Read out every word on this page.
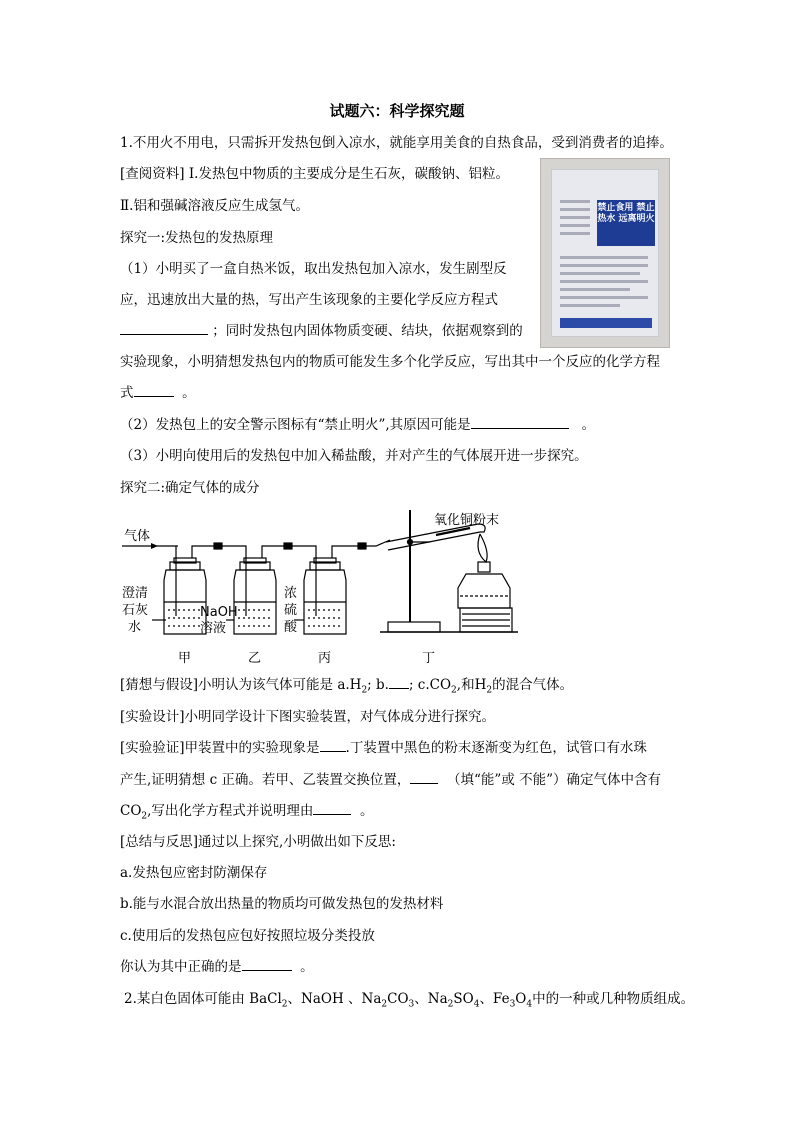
试题六：科学探究题
1.不用火不用电，只需拆开发热包倒入凉水，就能享用美食的自热食品，受到消费者的追捧。
[查阅资料] I.发热包中物质的主要成分是生石灰，碳酸钠、铝粒。
Ⅱ.铝和强碱溶液反应生成氢气。
探究一:发热包的发热原理
（1）小明买了一盒自热米饭，取出发热包加入凉水，发生剧型反
应，迅速放出大量的热，写出产生该现象的主要化学反应方程式
；同时发热包内固体物质变硬、结块，依据观察到的
实验现象，小明猜想发热包内的物质可能发生多个化学反应，写出其中一个反应的化学方程
式	。
（2）发热包上的安全警示图标有“禁止明火”,其原因可能是	。
（3）小明向使用后的发热包中加入稀盐酸，并对产生的气体展开进一步探究。
探究二:确定气体的成分
禁止食用 禁止热水 远离明火
气体
氧化铜粉末
澄清
石灰
水
NaOH
溶液
浓
硫
酸
甲	乙	丙	丁
[猜想与假设]小明认为该气体可能是 $a.H_2$; b. ; $c.CO_2$,和$H_2$的混合气体。
[实验设计]小明同学设计下图实验装置，对气体成分进行探究。
[实验验证]甲装置中的实验现象是 .丁装置中黑色的粉末逐渐变为红色，试管口有水珠
产生,证明猜想 c 正确。若甲、乙装置交换位置，	（填“能”或 不能”）确定气体中含有
$CO_2$,写出化学方程式并说明理由	。
[总结与反思]通过以上探究,小明做出如下反思:
a.发热包应密封防潮保存
b.能与水混合放出热量的物质均可做发热包的发热材料
c.使用后的发热包应包好按照垃圾分类投放
你认为其中正确的是	。
2.某白色固体可能由 BaCl$_2$、NaOH 、$Na_2CO_3$、$Na_2SO_4$、$Fe_3O_4$中的一种或几种物质组成。
